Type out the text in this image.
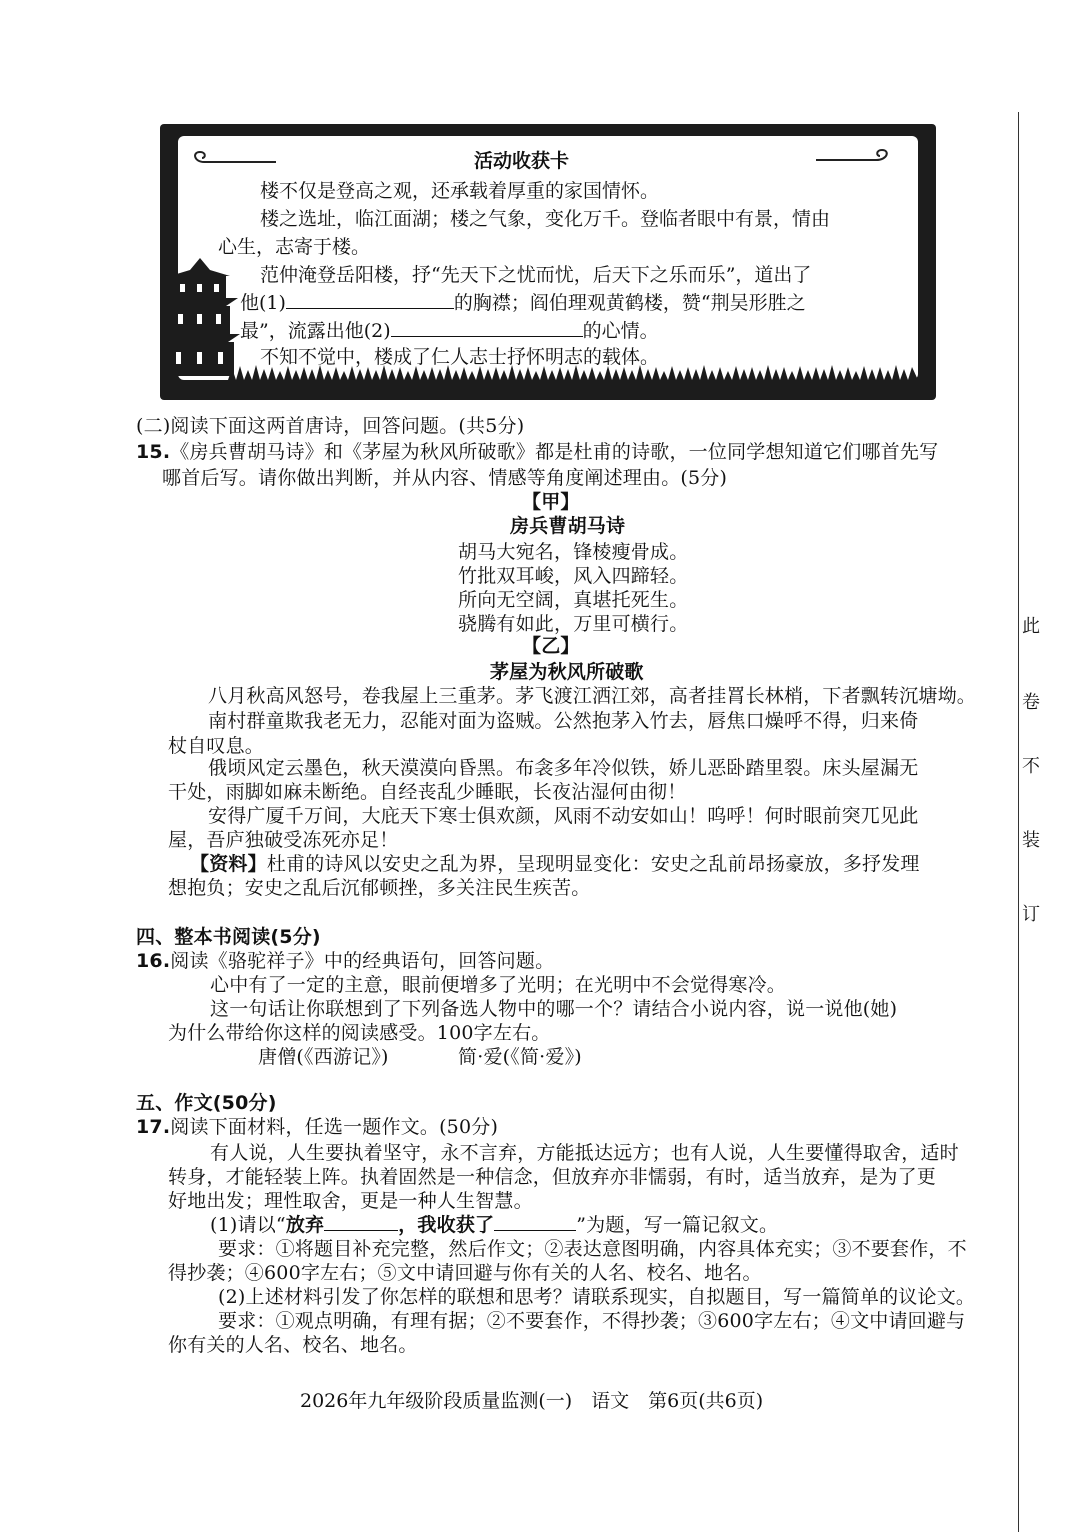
活动收获卡
楼不仅是登高之观，还承载着厚重的家国情怀。
楼之选址，临江面湖；楼之气象，变化万千。登临者眼中有景，情由
心生，志寄于楼。
范仲淹登岳阳楼，抒“先天下之忧而忧，后天下之乐而乐”，道出了
他(1)	的胸襟；阎伯理观黄鹤楼，赞“荆吴形胜之
最”，流露出他(2)	的心情。
不知不觉中，楼成了仁人志士抒怀明志的载体。
(二)阅读下面这两首唐诗，回答问题。(共5分)
15.《房兵曹胡马诗》和《茅屋为秋风所破歌》都是杜甫的诗歌，一位同学想知道它们哪首先写
哪首后写。请你做出判断，并从内容、情感等角度阐述理由。(5分)
【甲】
房兵曹胡马诗
胡马大宛名，锋棱瘦骨成。
竹批双耳峻，风入四蹄轻。
所向无空阔，真堪托死生。
骁腾有如此，万里可横行。
【乙】
茅屋为秋风所破歌
八月秋高风怒号，卷我屋上三重茅。茅飞渡江洒江郊，高者挂罥长林梢，下者飘转沉塘坳。
南村群童欺我老无力，忍能对面为盗贼。公然抱茅入竹去，唇焦口燥呼不得，归来倚
杖自叹息。
俄顷风定云墨色，秋天漠漠向昏黑。布衾多年冷似铁，娇儿恶卧踏里裂。床头屋漏无
干处，雨脚如麻未断绝。自经丧乱少睡眠，长夜沾湿何由彻！
安得广厦千万间，大庇天下寒士俱欢颜，风雨不动安如山！呜呼！何时眼前突兀见此
屋，吾庐独破受冻死亦足！
【资料】杜甫的诗风以安史之乱为界，呈现明显变化：安史之乱前昂扬豪放，多抒发理
想抱负；安史之乱后沉郁顿挫，多关注民生疾苦。
四、整本书阅读(5分)
16.阅读《骆驼祥子》中的经典语句，回答问题。
心中有了一定的主意，眼前便增多了光明；在光明中不会觉得寒冷。
这一句话让你联想到了下列备选人物中的哪一个？请结合小说内容，说一说他(她)
为什么带给你这样的阅读感受。100字左右。
唐僧(《西游记》)	简·爱(《简·爱》)
五、作文(50分)
17.阅读下面材料，任选一题作文。(50分)
有人说，人生要执着坚守，永不言弃，方能抵达远方；也有人说，人生要懂得取舍，适时
转身，才能轻装上阵。执着固然是一种信念，但放弃亦非懦弱，有时，适当放弃，是为了更
好地出发；理性取舍，更是一种人生智慧。
(1)请以“放弃	，我收获了	”为题，写一篇记叙文。
要求：①将题目补充完整，然后作文；②表达意图明确，内容具体充实；③不要套作，不
得抄袭；④600字左右；⑤文中请回避与你有关的人名、校名、地名。
(2)上述材料引发了你怎样的联想和思考？请联系现实，自拟题目，写一篇简单的议论文。
要求：①观点明确，有理有据；②不要套作，不得抄袭；③600字左右；④文中请回避与
你有关的人名、校名、地名。
2026年九年级阶段质量监测(一)　语文　第6页(共6页)
此
卷
不
装
订
